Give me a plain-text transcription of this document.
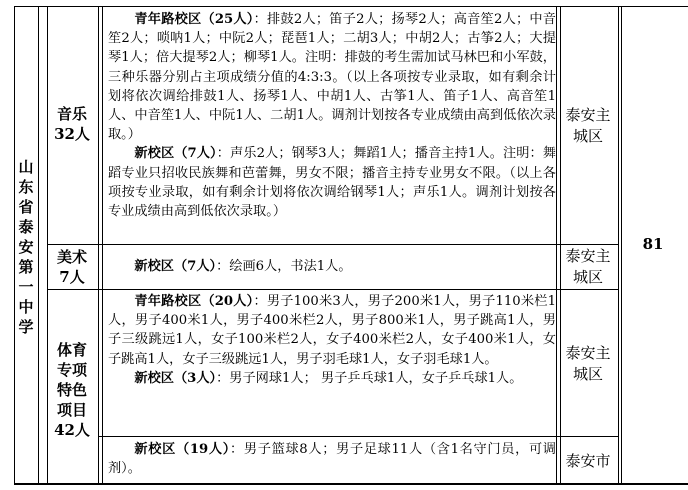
山东省泰安第一中学
音乐
32人
美术
7人
体育
专项
特色
项目
42人

青年路校区（25人）：排鼓2人；笛子2人；扬琴2人；高音笙2人；中音笙2人；唢呐1人；中阮2人；琵琶1人；二胡3人；中胡2人；古筝2人；大提琴1人；倍大提琴2人；柳琴1人。注明：排鼓的考生需加试马林巴和小军鼓，三种乐器分别占主项成绩分值的4:3:3。（以上各项按专业录取，如有剩余计划将依次调给排鼓1人、扬琴1人、中胡1人、古筝1人、笛子1人、高音笙1人、中音笙1人、中阮1人、二胡1人。调剂计划按各专业成绩由高到低依次录取。）

新校区（7人）：声乐2人；钢琴3人；舞蹈1人；播音主持1人。注明：舞蹈专业只招收民族舞和芭蕾舞，男女不限；播音主持专业男女不限。（以上各项按专业录取，如有剩余计划将依次调给钢琴1人；声乐1人。调剂计划按各专业成绩由高到低依次录取。）

新校区（7人）：绘画6人，书法1人。

青年路校区（20人）：男子100米3人，男子200米1人，男子110米栏1人，男子400米1人，男子400米栏2人，男子800米1人，男子跳高1人，男子三级跳远1人，女子100米栏2人，女子400米栏2人，女子400米1人，女子跳高1人，女子三级跳远1人，男子羽毛球1人，女子羽毛球1人。

新校区（3人）：男子网球1人； 男子乒乓球1人，女子乒乓球1人。

新校区（19人）：男子篮球8人；男子足球11人（含1名守门员，可调剂）。

泰安主
城区
泰安主
城区
泰安主
城区
泰安市
81
